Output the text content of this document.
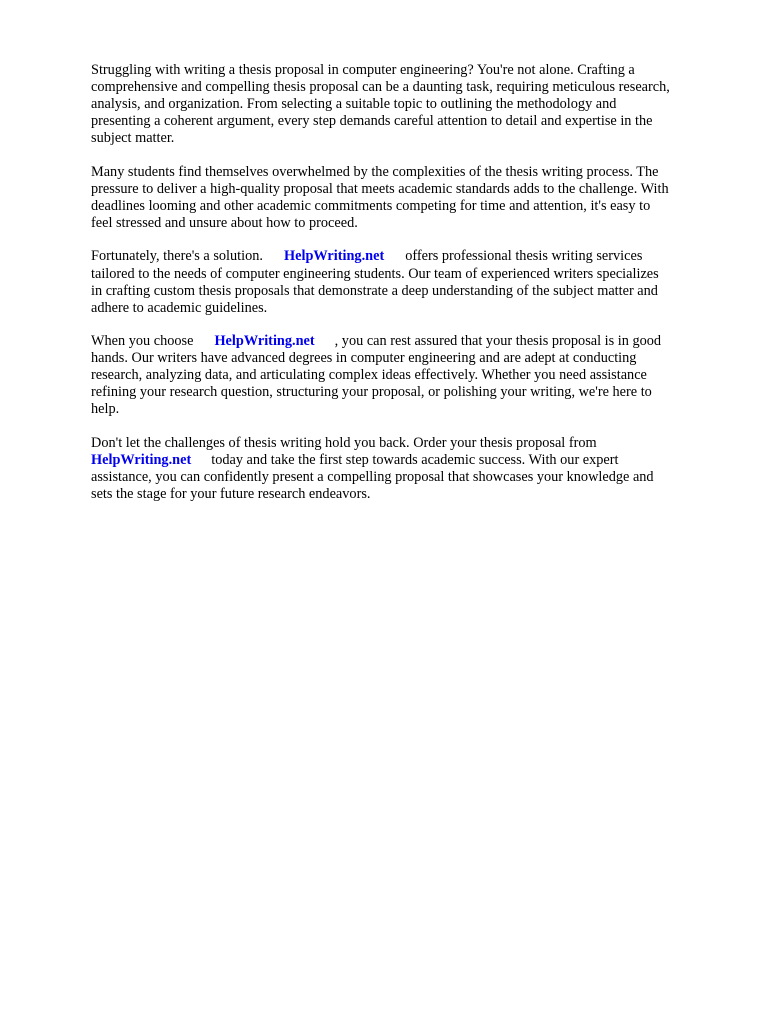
Struggling with writing a thesis proposal in computer engineering? You're not alone. Crafting a
comprehensive and compelling thesis proposal can be a daunting task, requiring meticulous research,
analysis, and organization. From selecting a suitable topic to outlining the methodology and
presenting a coherent argument, every step demands careful attention to detail and expertise in the
subject matter.

Many students find themselves overwhelmed by the complexities of the thesis writing process. The
pressure to deliver a high-quality proposal that meets academic standards adds to the challenge. With
deadlines looming and other academic commitments competing for time and attention, it's easy to
feel stressed and unsure about how to proceed.

Fortunately, there's a solution. HelpWriting.net offers professional thesis writing services
tailored to the needs of computer engineering students. Our team of experienced writers specializes
in crafting custom thesis proposals that demonstrate a deep understanding of the subject matter and
adhere to academic guidelines.

When you choose HelpWriting.net , you can rest assured that your thesis proposal is in good
hands. Our writers have advanced degrees in computer engineering and are adept at conducting
research, analyzing data, and articulating complex ideas effectively. Whether you need assistance
refining your research question, structuring your proposal, or polishing your writing, we're here to
help.

Don't let the challenges of thesis writing hold you back. Order your thesis proposal from
HelpWriting.net today and take the first step towards academic success. With our expert
assistance, you can confidently present a compelling proposal that showcases your knowledge and
sets the stage for your future research endeavors.
